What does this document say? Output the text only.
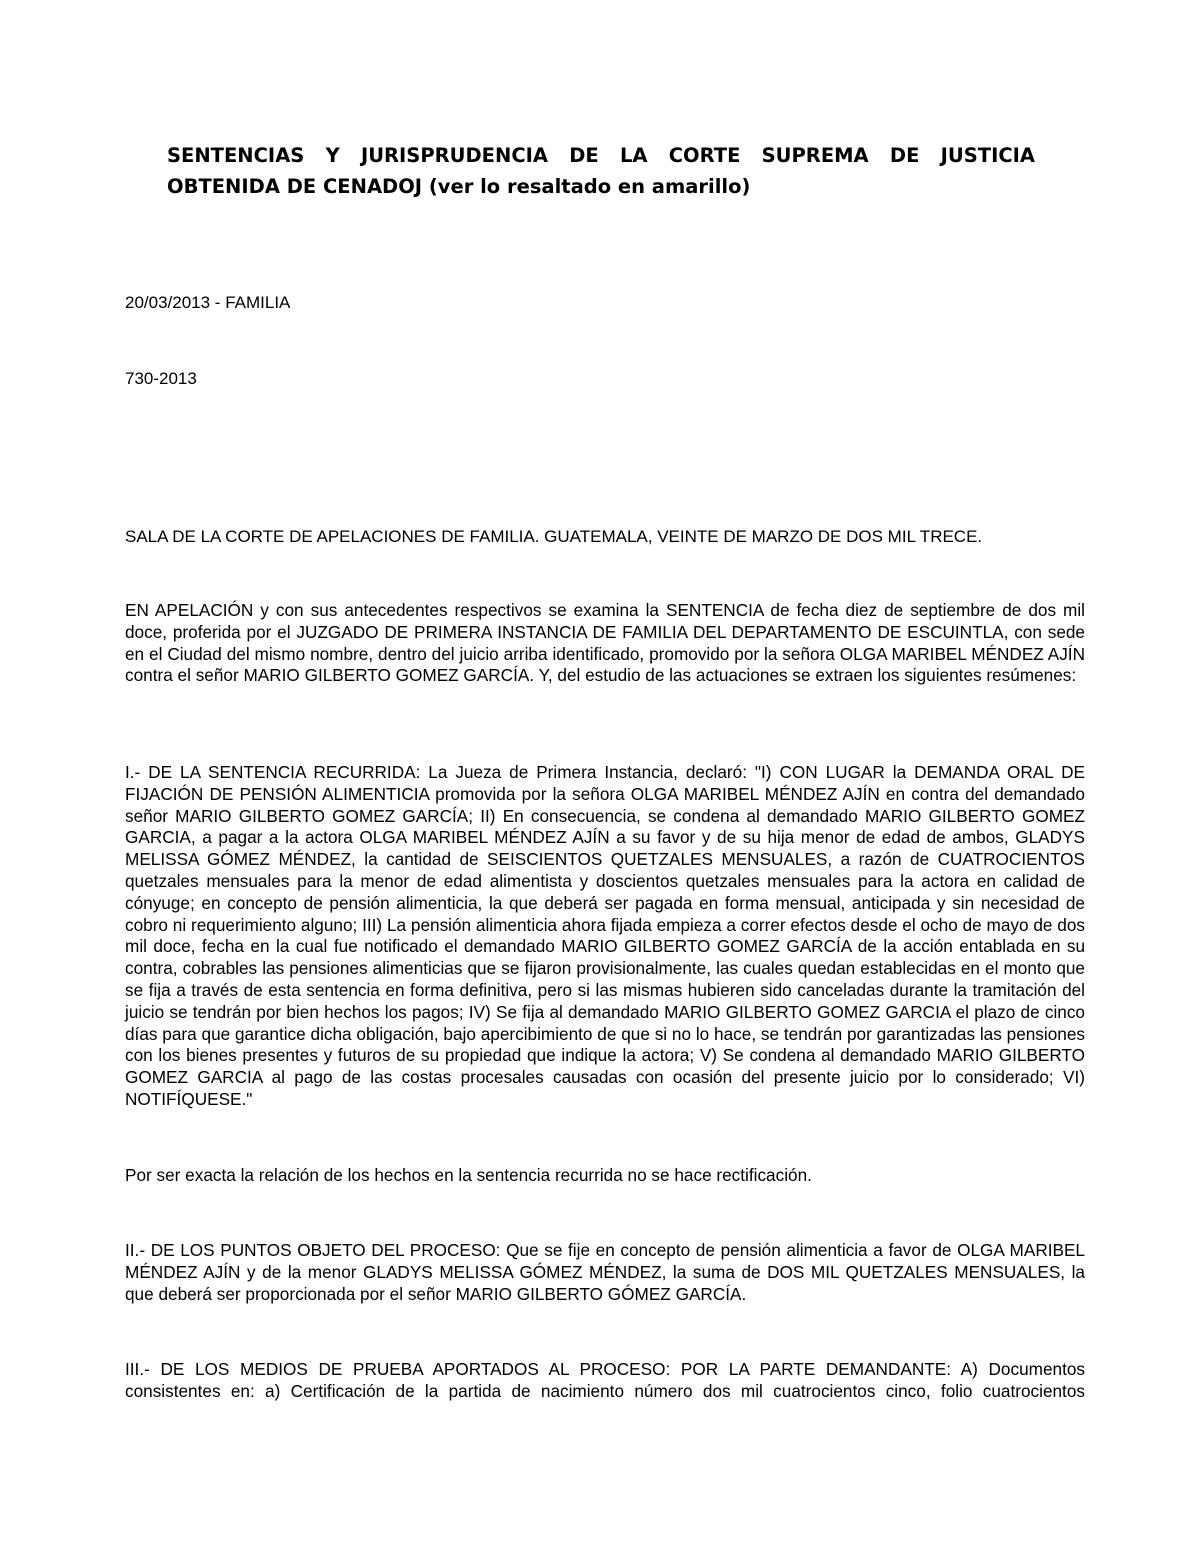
SENTENCIAS Y JURISPRUDENCIA DE LA CORTE SUPREMA DE JUSTICIA OBTENIDA DE CENADOJ (ver lo resaltado en amarillo)

20/03/2013 - FAMILIA

730-2013

SALA DE LA CORTE DE APELACIONES DE FAMILIA. GUATEMALA, VEINTE DE MARZO DE DOS MIL TRECE.

EN APELACIÓN y con sus antecedentes respectivos se examina la SENTENCIA de fecha diez de septiembre de dos mil doce, proferida por el JUZGADO DE PRIMERA INSTANCIA DE FAMILIA DEL DEPARTAMENTO DE ESCUINTLA, con sede en el Ciudad del mismo nombre, dentro del juicio arriba identificado, promovido por la señora OLGA MARIBEL MÉNDEZ AJÍN contra el señor MARIO GILBERTO GOMEZ GARCÍA. Y, del estudio de las actuaciones se extraen los siguientes resúmenes:

I.- DE LA SENTENCIA RECURRIDA: La Jueza de Primera Instancia, declaró: "I) CON LUGAR la DEMANDA ORAL DE FIJACIÓN DE PENSIÓN ALIMENTICIA promovida por la señora OLGA MARIBEL MÉNDEZ AJÍN en contra del demandado señor MARIO GILBERTO GOMEZ GARCÍA; II) En consecuencia, se condena al demandado MARIO GILBERTO GOMEZ GARCIA, a pagar a la actora OLGA MARIBEL MÉNDEZ AJÍN a su favor y de su hija menor de edad de ambos, GLADYS MELISSA GÓMEZ MÉNDEZ, la cantidad de SEISCIENTOS QUETZALES MENSUALES, a razón de CUATROCIENTOS quetzales mensuales para la menor de edad alimentista y doscientos quetzales mensuales para la actora en calidad de cónyuge; en concepto de pensión alimenticia, la que deberá ser pagada en forma mensual, anticipada y sin necesidad de cobro ni requerimiento alguno; III) La pensión alimenticia ahora fijada empieza a correr efectos desde el ocho de mayo de dos mil doce, fecha en la cual fue notificado el demandado MARIO GILBERTO GOMEZ GARCÍA de la acción entablada en su contra, cobrables las pensiones alimenticias que se fijaron provisionalmente, las cuales quedan establecidas en el monto que se fija a través de esta sentencia en forma definitiva, pero si las mismas hubieren sido canceladas durante la tramitación del juicio se tendrán por bien hechos los pagos; IV) Se fija al demandado MARIO GILBERTO GOMEZ GARCIA el plazo de cinco días para que garantice dicha obligación, bajo apercibimiento de que si no lo hace, se tendrán por garantizadas las pensiones con los bienes presentes y futuros de su propiedad que indique la actora; V) Se condena al demandado MARIO GILBERTO GOMEZ GARCIA al pago de las costas procesales causadas con ocasión del presente juicio por lo considerado; VI) NOTIFÍQUESE."

Por ser exacta la relación de los hechos en la sentencia recurrida no se hace rectificación.

II.- DE LOS PUNTOS OBJETO DEL PROCESO: Que se fije en concepto de pensión alimenticia a favor de OLGA MARIBEL MÉNDEZ AJÍN y de la menor GLADYS MELISSA GÓMEZ MÉNDEZ, la suma de DOS MIL QUETZALES MENSUALES, la que deberá ser proporcionada por el señor MARIO GILBERTO GÓMEZ GARCÍA.

III.- DE LOS MEDIOS DE PRUEBA APORTADOS AL PROCESO: POR LA PARTE DEMANDANTE: A) Documentos consistentes en: a) Certificación de la partida de nacimiento número dos mil cuatrocientos cinco, folio cuatrocientos
